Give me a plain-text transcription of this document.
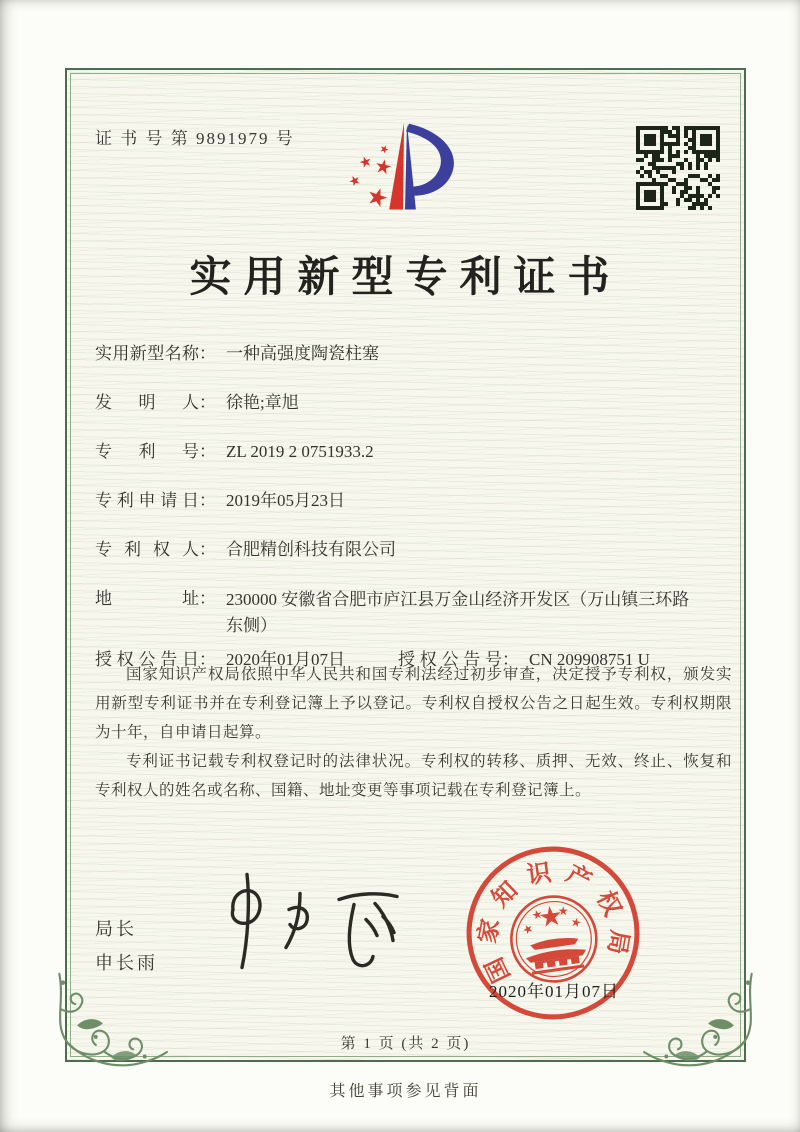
证 书 号 第 9891979 号
实用新型专利证书
实用新型名称： 一种高强度陶瓷柱塞
发 明 人： 徐艳;章旭
专 利 号： ZL 2019 2 0751933.2
专利申请日： 2019年05月23日
专 利 权 人： 合肥精创科技有限公司
地 址： 230000 安徽省合肥市庐江县万金山经济开发区（万山镇三环路东侧）
授权公告日： 2020年01月07日	授权公告号： CN 209908751 U

国家知识产权局依照中华人民共和国专利法经过初步审查，决定授予专利权，颁发实用新型专利证书并在专利登记簿上予以登记。专利权自授权公告之日起生效。专利权期限为十年，自申请日起算。

专利证书记载专利权登记时的法律状况。专利权的转移、质押、无效、终止、恢复和专利权人的姓名或名称、国籍、地址变更等事项记载在专利登记簿上。

局长
申长雨	国家知识产权局
2020年01月07日
第 1 页 (共 2 页)
其他事项参见背面
